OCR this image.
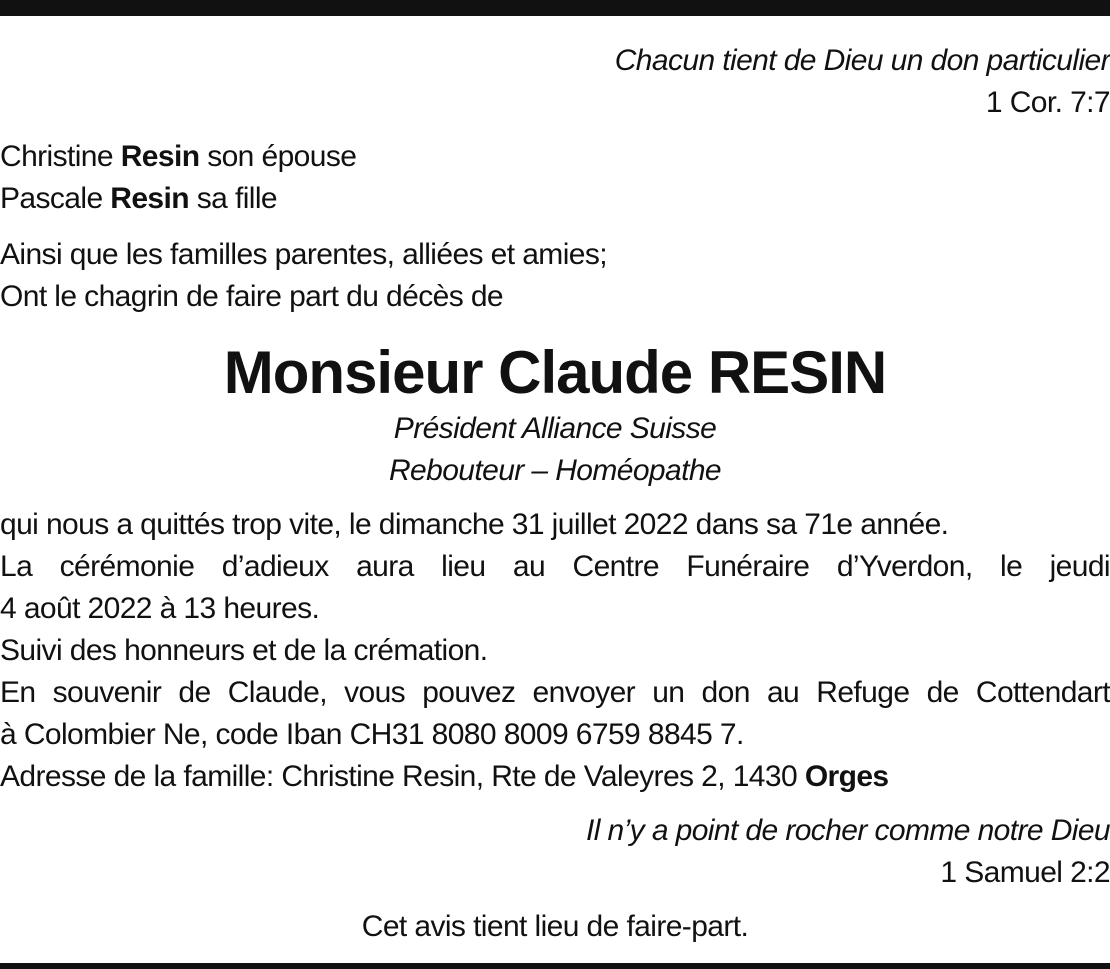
Chacun tient de Dieu un don particulier
1 Cor. 7:7
Christine Resin son épouse
Pascale Resin sa fille
Ainsi que les familles parentes, alliées et amies;
Ont le chagrin de faire part du décès de
Monsieur Claude RESIN
Président Alliance Suisse
Rebouteur – Homéopathe
qui nous a quittés trop vite, le dimanche 31 juillet 2022 dans sa 71e année.
La cérémonie d’adieux aura lieu au Centre Funéraire d’Yverdon, le jeudi
4 août 2022 à 13 heures.
Suivi des honneurs et de la crémation.
En souvenir de Claude, vous pouvez envoyer un don au Refuge de Cottendart
à Colombier Ne, code Iban CH31 8080 8009 6759 8845 7.
Adresse de la famille: Christine Resin, Rte de Valeyres 2, 1430 Orges
Il n’y a point de rocher comme notre Dieu
1 Samuel 2:2
Cet avis tient lieu de faire-part.
